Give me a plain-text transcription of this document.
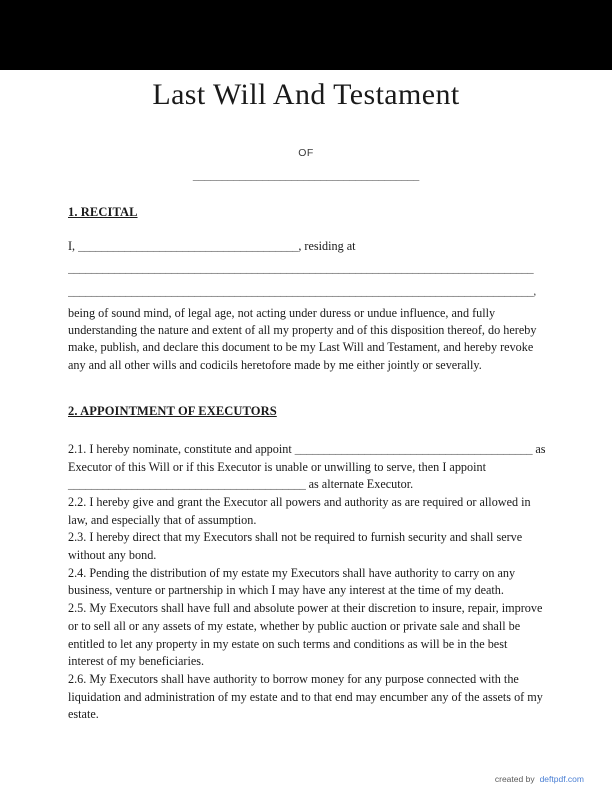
Last Will And Testament
OF
_______________________________________
1. RECITAL
I, ______________________________________, residing at
_________________________________________________________________________________
_________________________________________________________________________________,

being of sound mind, of legal age, not acting under duress or undue influence, and fully understanding the nature and extent of all my property and of this disposition thereof, do hereby make, publish, and declare this document to be my Last Will and Testament, and hereby revoke any and all other wills and codicils heretofore made by me either jointly or severally.

2. APPOINTMENT OF EXECUTORS
2.1. I hereby nominate, constitute and appoint _________________________________________ as Executor of this Will or if this Executor is unable or unwilling to serve, then I appoint _________________________________________ as alternate Executor.

2.2. I hereby give and grant the Executor all powers and authority as are required or allowed in law, and especially that of assumption.

2.3. I hereby direct that my Executors shall not be required to furnish security and shall serve without any bond.

2.4. Pending the distribution of my estate my Executors shall have authority to carry on any business, venture or partnership in which I may have any interest at the time of my death.

2.5. My Executors shall have full and absolute power at their discretion to insure, repair, improve or to sell all or any assets of my estate, whether by public auction or private sale and shall be entitled to let any property in my estate on such terms and conditions as will be in the best interest of my beneficiaries.

2.6. My Executors shall have authority to borrow money for any purpose connected with the liquidation and administration of my estate and to that end may encumber any of the assets of my estate.

created by deftpdf.com
